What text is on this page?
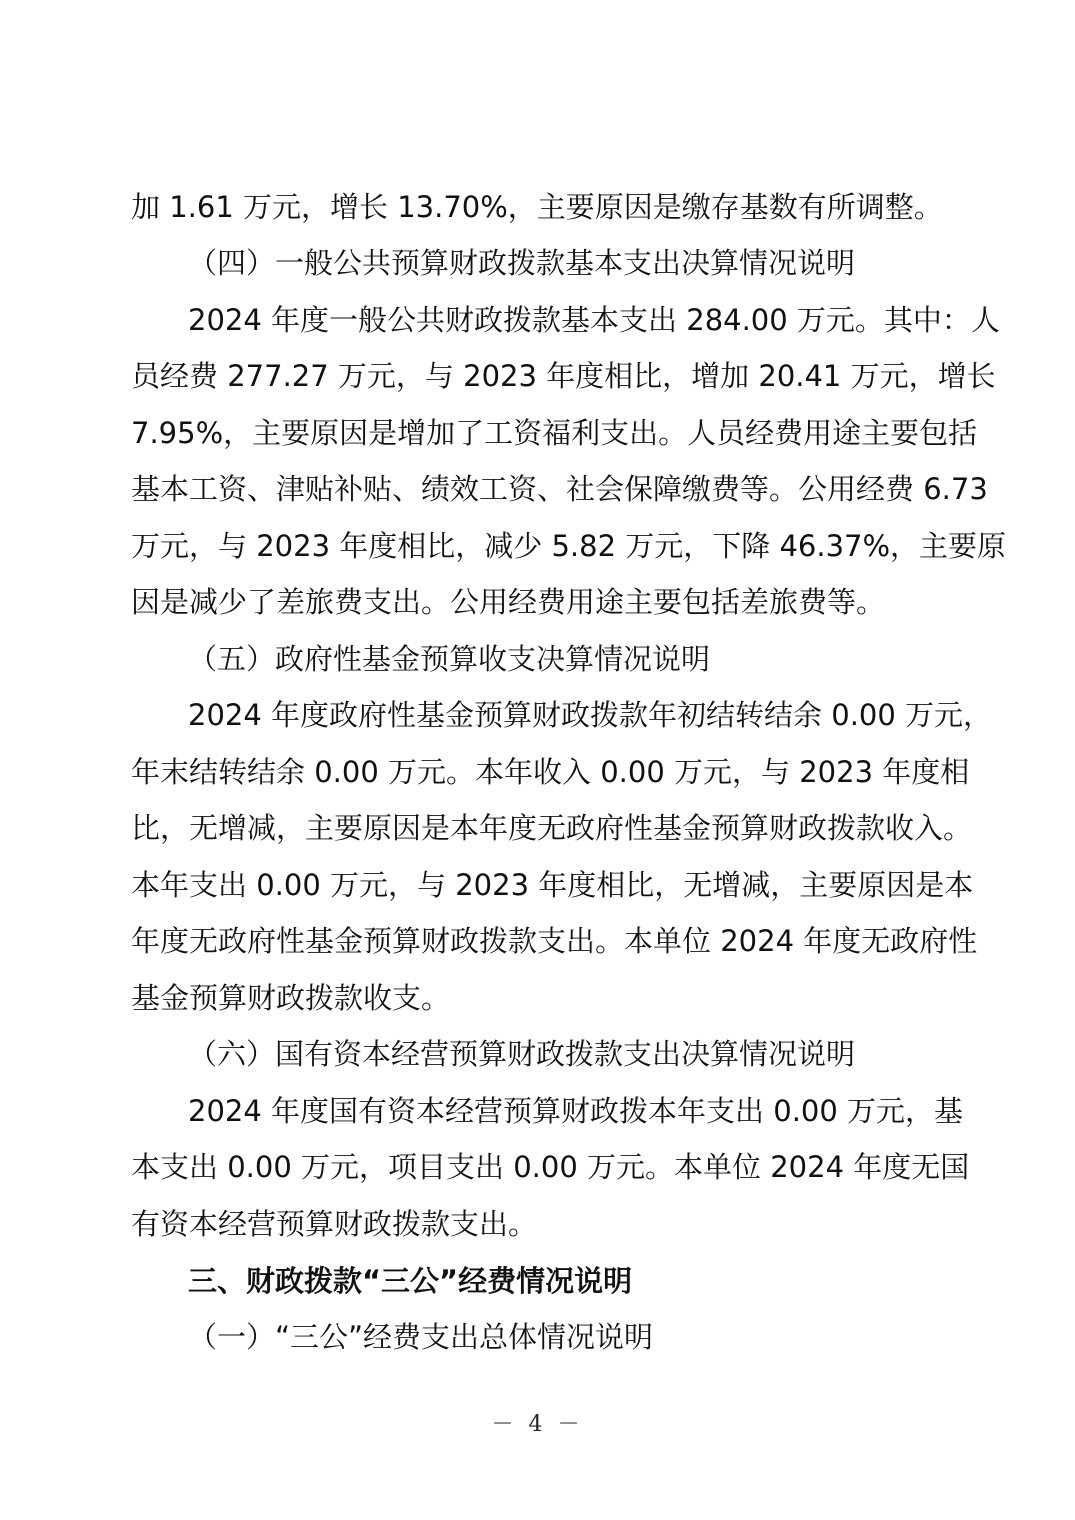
加 1.61 万元，增长 13.70%，主要原因是缴存基数有所调整。
（四）一般公共预算财政拨款基本支出决算情况说明
2024 年度一般公共财政拨款基本支出 284.00 万元。其中：人
员经费 277.27 万元，与 2023 年度相比，增加 20.41 万元，增长
7.95%，主要原因是增加了工资福利支出。人员经费用途主要包括
基本工资、津贴补贴、绩效工资、社会保障缴费等。公用经费 6.73
万元，与 2023 年度相比，减少 5.82 万元，下降 46.37%，主要原
因是减少了差旅费支出。公用经费用途主要包括差旅费等。
（五）政府性基金预算收支决算情况说明
2024 年度政府性基金预算财政拨款年初结转结余 0.00 万元，
年末结转结余 0.00 万元。本年收入 0.00 万元，与 2023 年度相
比，无增减，主要原因是本年度无政府性基金预算财政拨款收入。
本年支出 0.00 万元，与 2023 年度相比，无增减，主要原因是本
年度无政府性基金预算财政拨款支出。本单位 2024 年度无政府性
基金预算财政拨款收支。
（六）国有资本经营预算财政拨款支出决算情况说明
2024 年度国有资本经营预算财政拨本年支出 0.00 万元，基
本支出 0.00 万元，项目支出 0.00 万元。本单位 2024 年度无国
有资本经营预算财政拨款支出。
三、财政拨款“三公”经费情况说明
（一）“三公”经费支出总体情况说明
－ 4 －
